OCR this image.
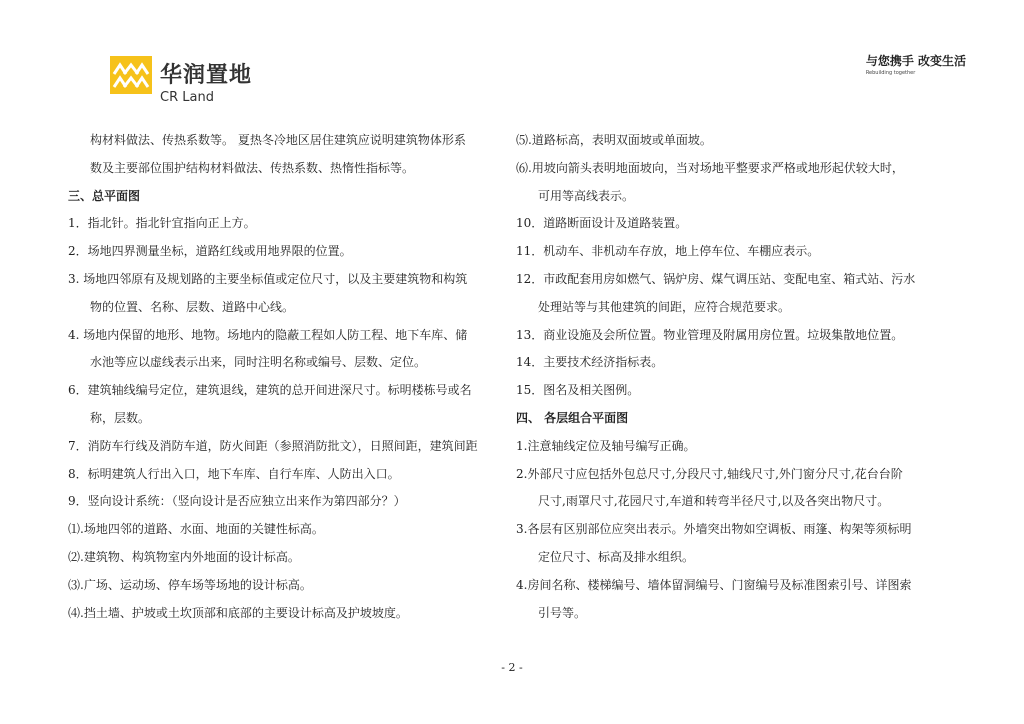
华润置地
CR Land
与您携手 改变生活
Rebuilding together
构材料做法、传热系数等。 夏热冬冷地区居住建筑应说明建筑物体形系
数及主要部位围护结构材料做法、传热系数、热惰性指标等。
三、总平面图
1．指北针。指北针宜指向正上方。
2．场地四界测量坐标，道路红线或用地界限的位置。
3. 场地四邻原有及规划路的主要坐标值或定位尺寸，以及主要建筑物和构筑
物的位置、名称、层数、道路中心线。
4. 场地内保留的地形、地物。场地内的隐蔽工程如人防工程、地下车库、储
水池等应以虚线表示出来，同时注明名称或编号、层数、定位。
6．建筑轴线编号定位，建筑退线，建筑的总开间进深尺寸。标明楼栋号或名
称，层数。
7．消防车行线及消防车道，防火间距（参照消防批文），日照间距，建筑间距
8．标明建筑人行出入口，地下车库、自行车库、人防出入口。
9．竖向设计系统：（竖向设计是否应独立出来作为第四部分？）
⑴.场地四邻的道路、水面、地面的关键性标高。
⑵.建筑物、构筑物室内外地面的设计标高。
⑶.广场、运动场、停车场等场地的设计标高。
⑷.挡土墙、护坡或土坎顶部和底部的主要设计标高及护坡坡度。
⑸.道路标高，表明双面坡或单面坡。
⑹.用坡向箭头表明地面坡向，当对场地平整要求严格或地形起伏较大时，
可用等高线表示。
10．道路断面设计及道路装置。
11．机动车、非机动车存放，地上停车位、车棚应表示。
12．市政配套用房如燃气、锅炉房、煤气调压站、变配电室、箱式站、污水
处理站等与其他建筑的间距，应符合规范要求。
13．商业设施及会所位置。物业管理及附属用房位置。垃圾集散地位置。
14．主要技术经济指标表。
15．图名及相关图例。
四、 各层组合平面图
1.注意轴线定位及轴号编写正确。
2.外部尺寸应包括外包总尺寸,分段尺寸,轴线尺寸,外门窗分尺寸,花台台阶
尺寸,雨罩尺寸,花园尺寸,车道和转弯半径尺寸,以及各突出物尺寸。
3.各层有区别部位应突出表示。外墙突出物如空调板、雨篷、构架等须标明
定位尺寸、标高及排水组织。
4.房间名称、楼梯编号、墙体留洞编号、门窗编号及标准图索引号、详图索
引号等。
- 2 -
